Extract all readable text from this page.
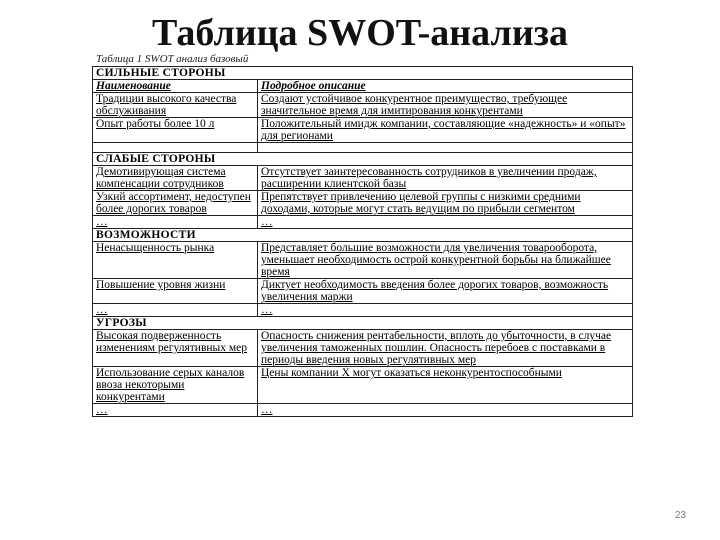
Таблица SWOT-анализа
Таблица 1 SWOT анализ базовый
СИЛЬНЫЕ СТОРОНЫ	
Наименование	Подробное описание
Традиции высокого качества обслуживания	Создают устойчивое конкурентное преимущество, требующее значительное время для имитирования конкурентами
Опыт работы более 10 л	Положительный имидж компании, составляющие «надежность» и «опыт» для регионами

СЛАБЫЕ СТОРОНЫ	
Демотивирующая система компенсации сотрудников	Отсутствует заинтересованность сотрудников в увеличении продаж, расширении клиентской базы
Узкий ассортимент, недоступен более дорогих товаров	Препятствует привлечению целевой группы с низкими средними доходами, которые могут стать ведущим по прибыли сегментом
…	…
ВОЗМОЖНОСТИ	
Ненасыщенность рынка	Представляет большие возможности для увеличения товарооборота, уменьшает необходимость острой конкурентной борьбы на ближайшее время
Повышение уровня жизни	Диктует необходимость введения более дорогих товаров, возможность увеличения маржи
…	…
УГРОЗЫ	
Высокая подверженность изменениям регулятивных мер	Опасность снижения рентабельности, вплоть до убыточности, в случае увеличения таможенных пошлин. Опасность перебоев с поставками в периоды введения новых регулятивных мер
Использование серых каналов ввоза некоторыми конкурентами	Цены компании Х могут оказаться неконкурентоспособными
…	…
23
